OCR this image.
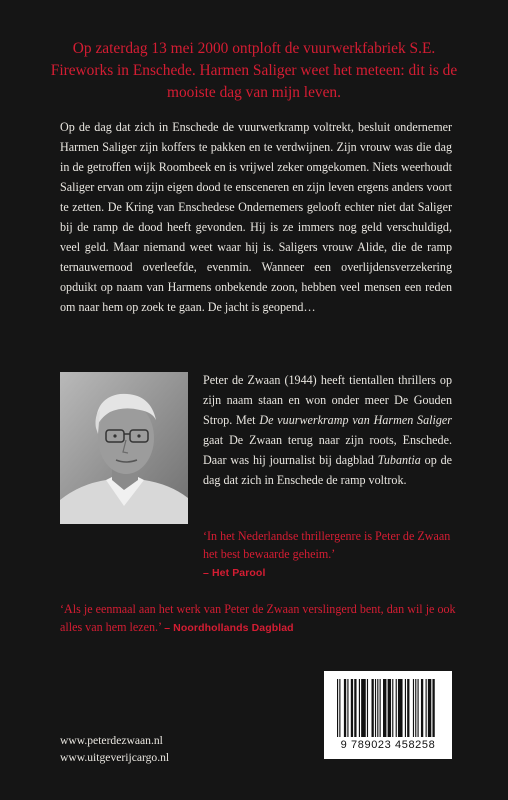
Op zaterdag 13 mei 2000 ontploft de vuurwerkfabriek S.E. Fireworks in Enschede. Harmen Saliger weet het meteen: dit is de mooiste dag van mijn leven.

Op de dag dat zich in Enschede de vuurwerkramp voltrekt, besluit ondernemer Harmen Saliger zijn koffers te pakken en te verdwijnen. Zijn vrouw was die dag in de getroffen wijk Roombeek en is vrijwel zeker omgekomen. Niets weerhoudt Saliger ervan om zijn eigen dood te ensceneren en zijn leven ergens anders voort te zetten. De Kring van Enschedese Ondernemers gelooft echter niet dat Saliger bij de ramp de dood heeft gevonden. Hij is ze immers nog geld verschuldigd, veel geld. Maar niemand weet waar hij is. Saligers vrouw Alide, die de ramp ternauwernood overleefde, evenmin. Wanneer een overlijdensverzekering opduikt op naam van Harmens onbekende zoon, hebben veel mensen een reden om naar hem op zoek te gaan. De jacht is geopend…

Peter de Zwaan (1944) heeft tientallen thrillers op zijn naam staan en won onder meer De Gouden Strop. Met De vuurwerkramp van Harmen Saliger gaat De Zwaan terug naar zijn roots, Enschede. Daar was hij journalist bij dagblad Tubantia op de dag dat zich in Enschede de ramp voltrok.

‘In het Nederlandse thrillergenre is Peter de Zwaan het best bewaarde geheim.’
– Het Parool

‘Als je eenmaal aan het werk van Peter de Zwaan verslingerd bent, dan wil je ook alles van hem lezen.’ – Noordhollands Dagblad

9 789023 458258
www.peterdezwaan.nl
www.uitgeverijcargo.nl
